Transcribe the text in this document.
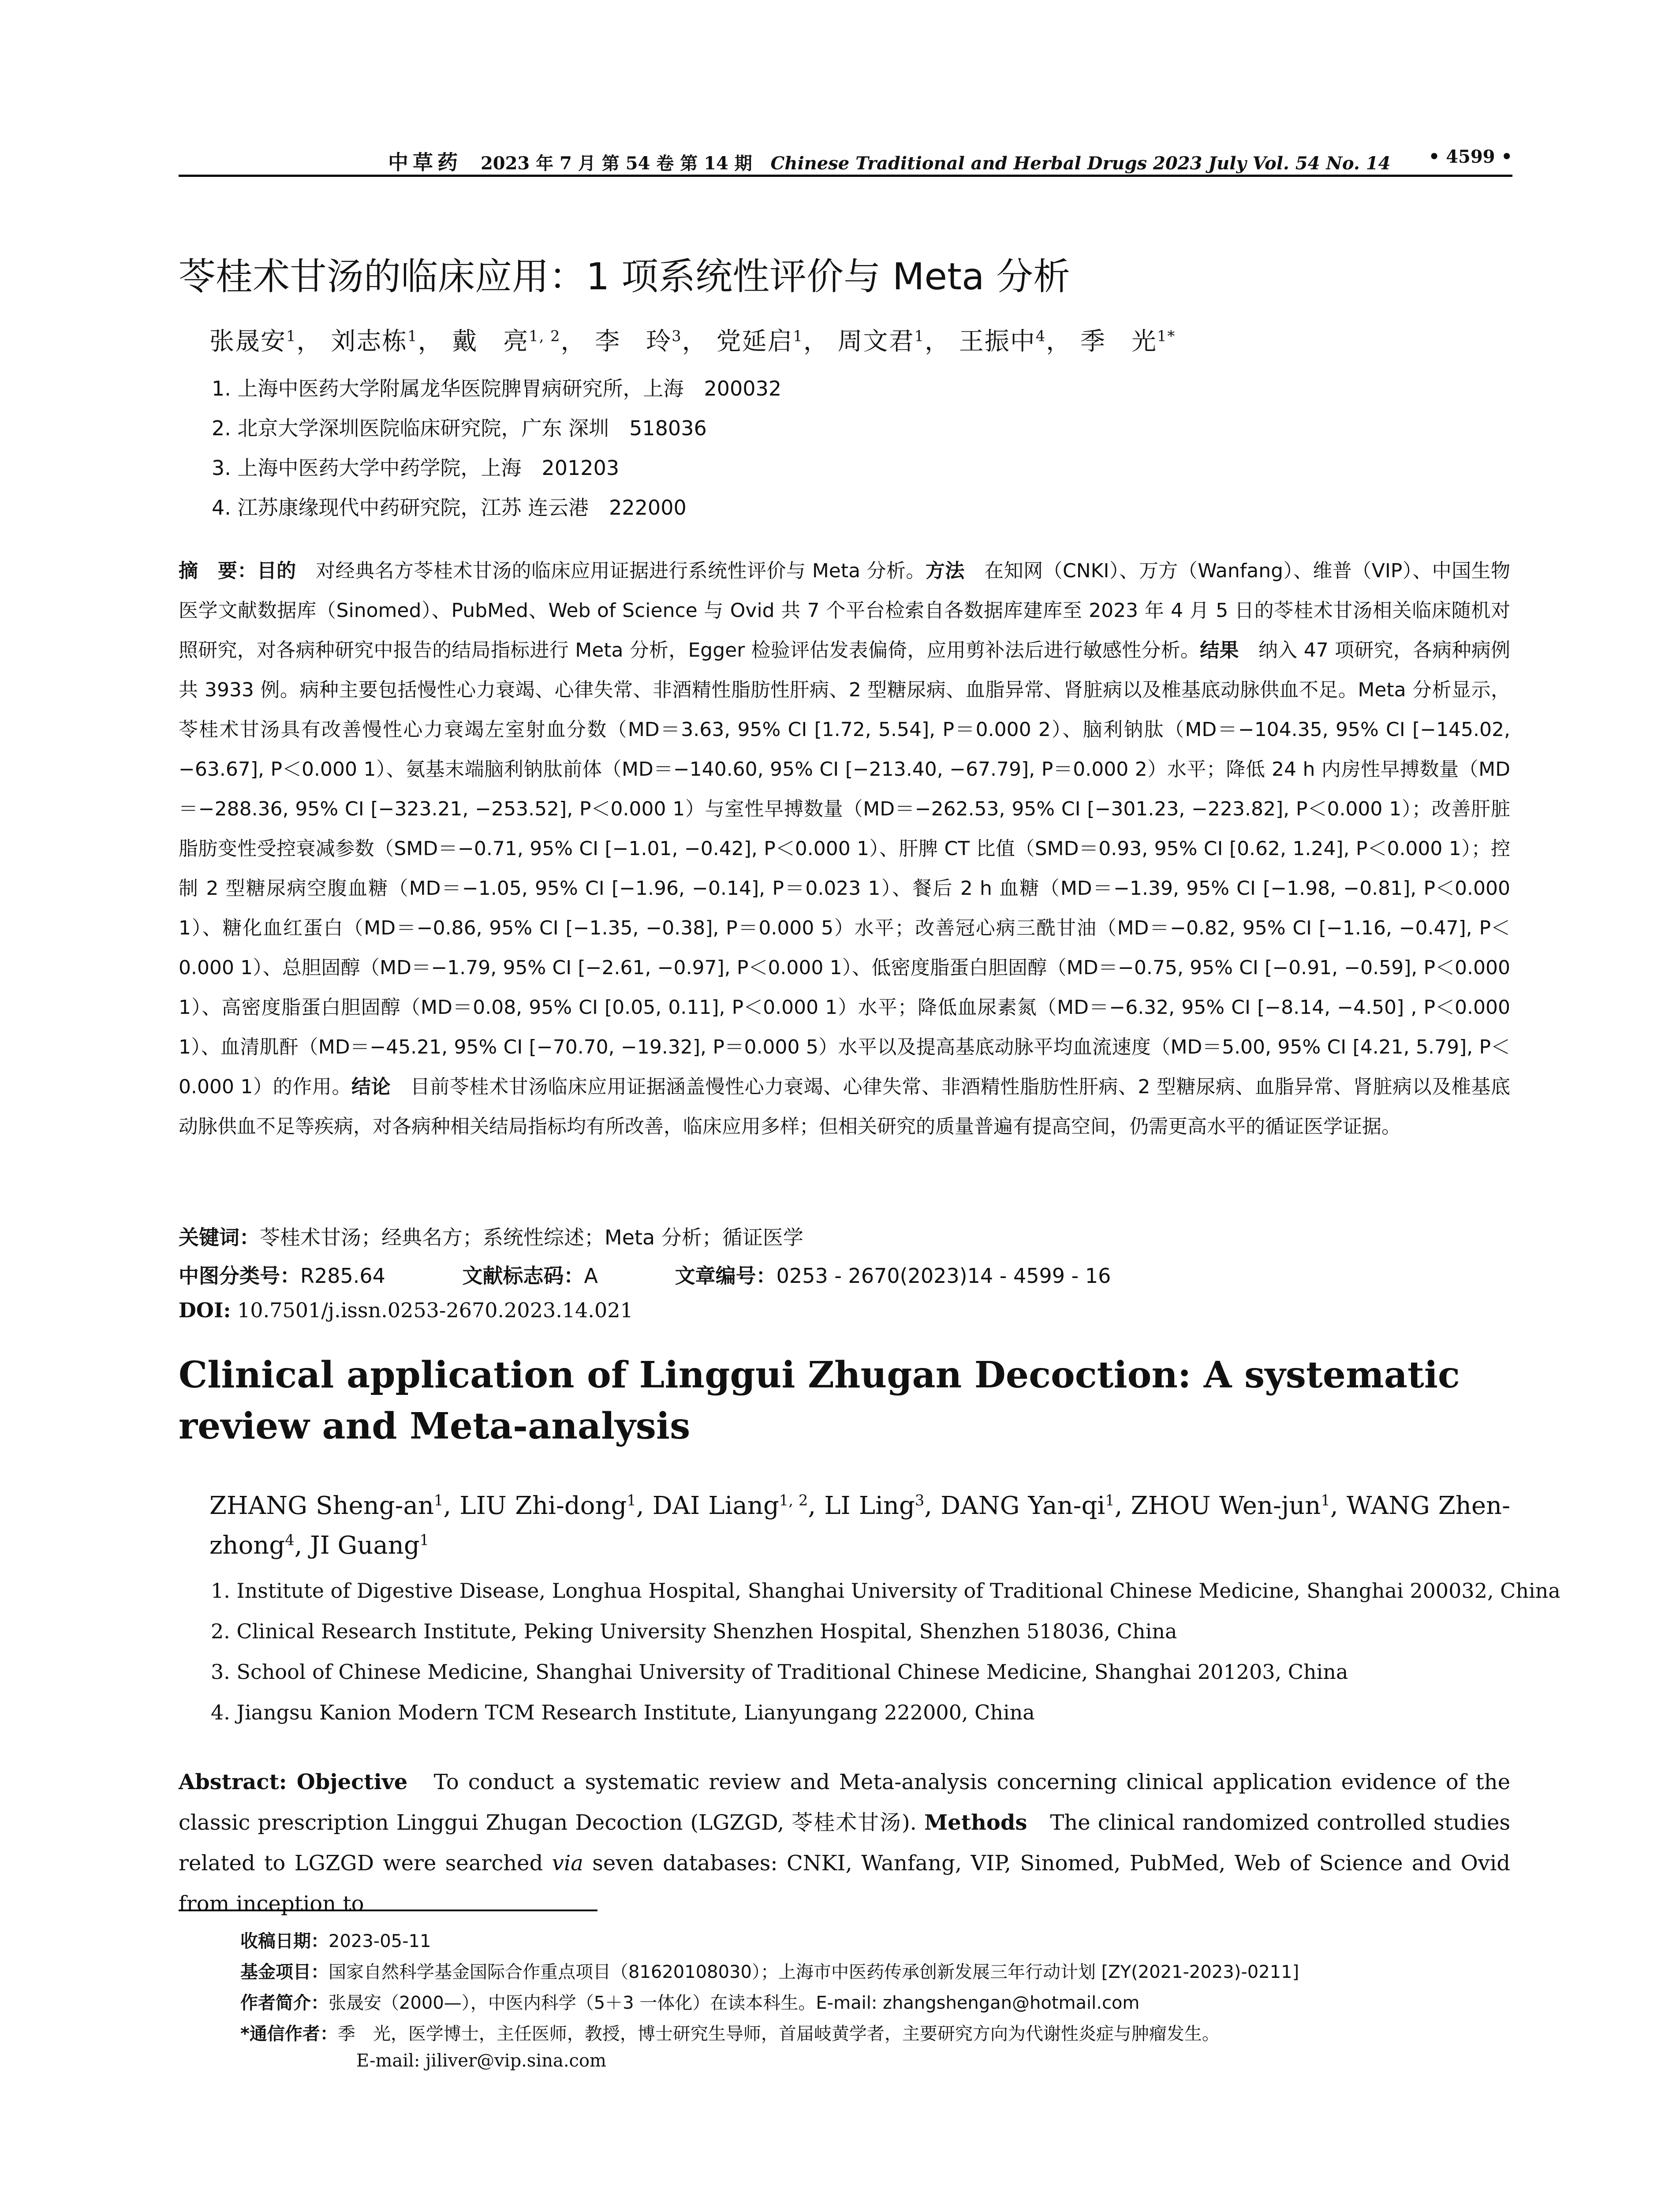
中草药 2023 年 7 月 第 54 卷 第 14 期 Chinese Traditional and Herbal Drugs 2023 July Vol. 54 No. 14 • 4599 •
苓桂术甘汤的临床应用：1 项系统性评价与 Meta 分析
张晟安$^1$， 刘志栋$^1$， 戴　亮$^{1, 2}$， 李　玲$^3$， 党延启$^1$， 周文君$^1$， 王振中$^4$， 季　光$^{1*}$
1. 上海中医药大学附属龙华医院脾胃病研究所，上海　200032
2. 北京大学深圳医院临床研究院，广东 深圳　518036
3. 上海中医药大学中药学院，上海　201203
4. 江苏康缘现代中药研究院，江苏 连云港　222000
摘　要：目的　对经典名方苓桂术甘汤的临床应用证据进行系统性评价与 Meta 分析。方法　在知网（CNKI）、万方（Wanfang）、维普（VIP）、中国生物医学文献数据库（Sinomed）、PubMed、Web of Science 与 Ovid 共 7 个平台检索自各数据库建库至 2023 年 4 月 5 日的苓桂术甘汤相关临床随机对照研究，对各病种研究中报告的结局指标进行 Meta 分析，Egger 检验评估发表偏倚，应用剪补法后进行敏感性分析。结果　纳入 47 项研究，各病种病例共 3933 例。病种主要包括慢性心力衰竭、心律失常、非酒精性脂肪性肝病、2 型糖尿病、血脂异常、肾脏病以及椎基底动脉供血不足。Meta 分析显示，苓桂术甘汤具有改善慢性心力衰竭左室射血分数（MD＝3.63, 95% CI [1.72, 5.54], P＝0.000 2）、脑利钠肽（MD＝−104.35, 95% CI [−145.02, −63.67], P＜0.000 1）、氨基末端脑利钠肽前体（MD＝−140.60, 95% CI [−213.40, −67.79], P＝0.000 2）水平；降低 24 h 内房性早搏数量（MD＝−288.36, 95% CI [−323.21, −253.52], P＜0.000 1）与室性早搏数量（MD＝−262.53, 95% CI [−301.23, −223.82], P＜0.000 1）；改善肝脏脂肪变性受控衰减参数（SMD＝−0.71, 95% CI [−1.01, −0.42], P＜0.000 1）、肝脾 CT 比值（SMD＝0.93, 95% CI [0.62, 1.24], P＜0.000 1）；控制 2 型糖尿病空腹血糖（MD＝−1.05, 95% CI [−1.96, −0.14], P＝0.023 1）、餐后 2 h 血糖（MD＝−1.39, 95% CI [−1.98, −0.81], P＜0.000 1）、糖化血红蛋白（MD＝−0.86, 95% CI [−1.35, −0.38], P＝0.000 5）水平；改善冠心病三酰甘油（MD＝−0.82, 95% CI [−1.16, −0.47], P＜0.000 1）、总胆固醇（MD＝−1.79, 95% CI [−2.61, −0.97], P＜0.000 1）、低密度脂蛋白胆固醇（MD＝−0.75, 95% CI [−0.91, −0.59], P＜0.000 1）、高密度脂蛋白胆固醇（MD＝0.08, 95% CI [0.05, 0.11], P＜0.000 1）水平；降低血尿素氮（MD＝−6.32, 95% CI [−8.14, −4.50] , P＜0.000 1）、血清肌酐（MD＝−45.21, 95% CI [−70.70, −19.32], P＝0.000 5）水平以及提高基底动脉平均血流速度（MD＝5.00, 95% CI [4.21, 5.79], P＜0.000 1）的作用。结论　目前苓桂术甘汤临床应用证据涵盖慢性心力衰竭、心律失常、非酒精性脂肪性肝病、2 型糖尿病、血脂异常、肾脏病以及椎基底动脉供血不足等疾病，对各病种相关结局指标均有所改善，临床应用多样；但相关研究的质量普遍有提高空间，仍需更高水平的循证医学证据。
关键词：苓桂术甘汤；经典名方；系统性综述；Meta 分析；循证医学
中图分类号：R285.64	文献标志码：A	文章编号：0253 - 2670(2023)14 - 4599 - 16
DOI: 10.7501/j.issn.0253-2670.2023.14.021
Clinical application of Linggui Zhugan Decoction: A systematic review and Meta-analysis
ZHANG Sheng-$an^1$, LIU Zhi-dong$^1$, DAI Liang$^{1, 2}$, LI Ling$^3$, DANG Yan-$qi^1$, ZHOU Wen-jun$^1$, WANG Zhen-zhong$^4$, JI Guang$^1$
1. Institute of Digestive Disease, Longhua Hospital, Shanghai University of Traditional Chinese Medicine, Shanghai 200032, China
2. Clinical Research Institute, Peking University Shenzhen Hospital, Shenzhen 518036, China
3. School of Chinese Medicine, Shanghai University of Traditional Chinese Medicine, Shanghai 201203, China
4. Jiangsu Kanion Modern TCM Research Institute, Lianyungang 222000, China
Abstract: Objective　To conduct a systematic review and Meta-analysis concerning clinical application evidence of the classic prescription Linggui Zhugan Decoction (LGZGD, 苓桂术甘汤). Methods　The clinical randomized controlled studies related to LGZGD were searched via seven databases: CNKI, Wanfang, VIP, Sinomed, PubMed, Web of Science and Ovid from inception to
收稿日期：2023-05-11
基金项目：国家自然科学基金国际合作重点项目（81620108030）；上海市中医药传承创新发展三年行动计划 [ZY(2021-2023)-0211]
作者简介：张晟安（2000—），中医内科学（5＋3 一体化）在读本科生。E-mail: zhangshengan@hotmail.com
*通信作者：季　光，医学博士，主任医师，教授，博士研究生导师，首届岐黄学者，主要研究方向为代谢性炎症与肿瘤发生。
E-mail: jiliver@vip.sina.com
